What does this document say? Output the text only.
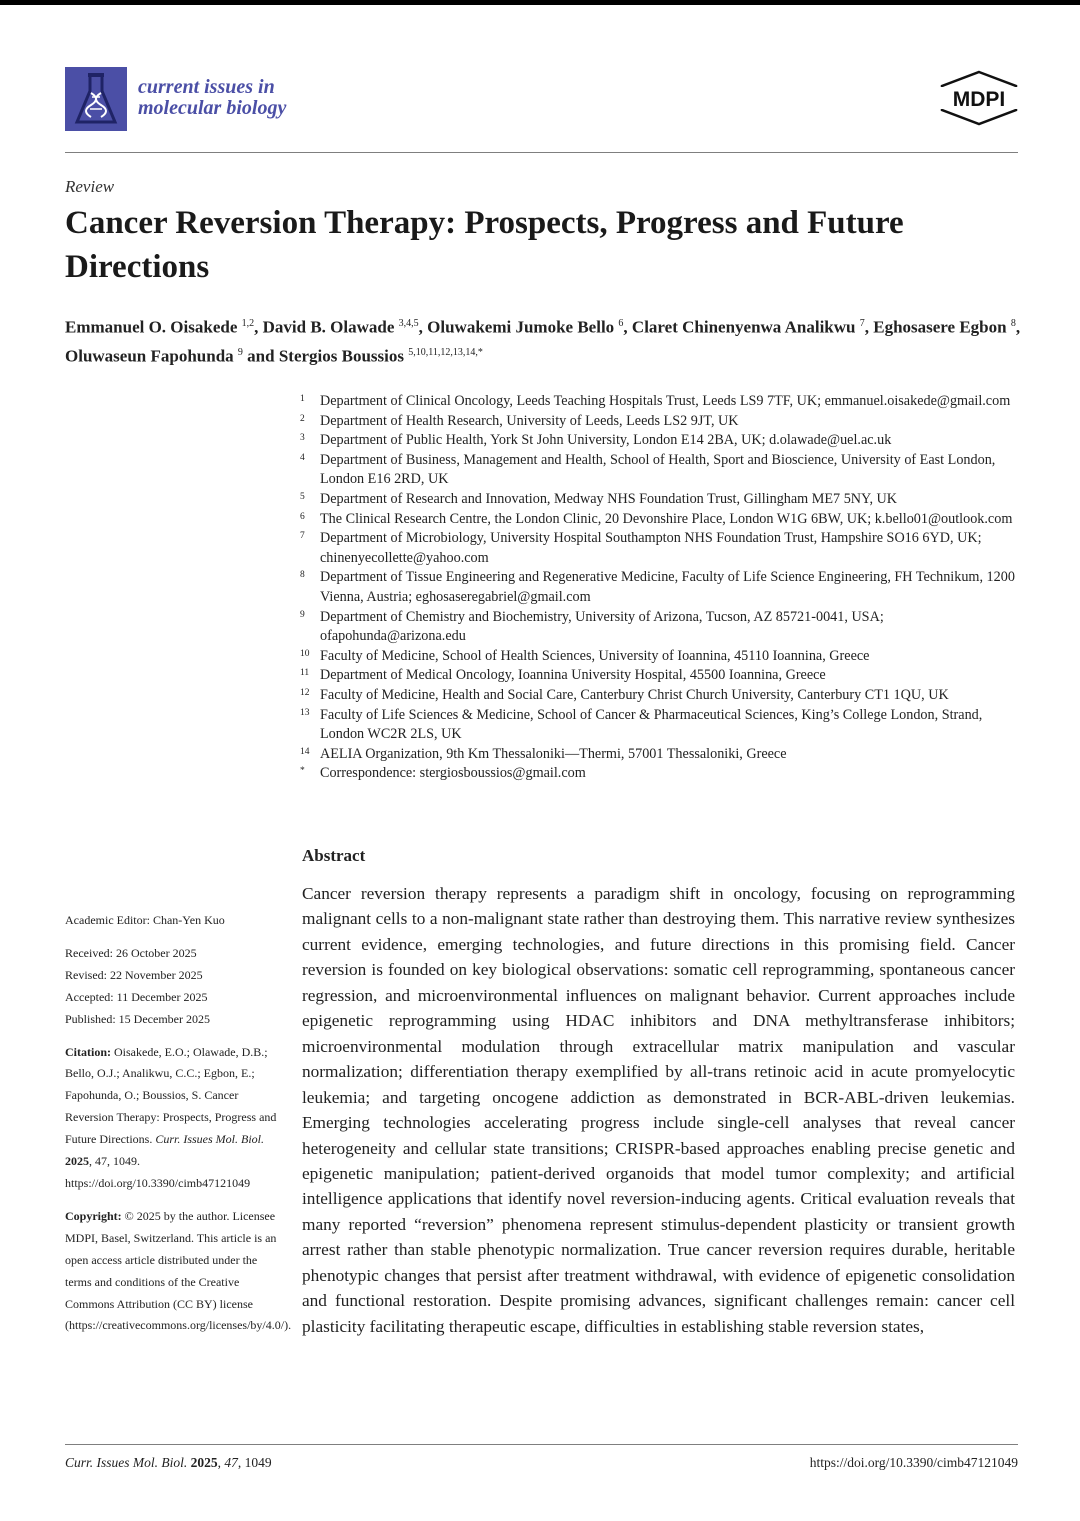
current issues in
molecular biology	MDPI
Review
Cancer Reversion Therapy: Prospects, Progress and Future Directions
Emmanuel O. Oisakede $^{1,2}$, David B. Olawade $^{3,4,5}$, Oluwakemi Jumoke Bello $^6$, Claret Chinenyenwa Analikwu $^7$, Eghosasere Egbon $^8$, Oluwaseun Fapohunda $^9$ and Stergios Boussios $^{5,10,11,12,13,14,*}$
1	Department of Clinical Oncology, Leeds Teaching Hospitals Trust, Leeds LS9 7TF, UK; emmanuel.oisakede@gmail.com
2	Department of Health Research, University of Leeds, Leeds LS2 9JT, UK
3	Department of Public Health, York St John University, London E14 2BA, UK; d.olawade@uel.ac.uk
4	Department of Business, Management and Health, School of Health, Sport and Bioscience, University of East London, London E16 2RD, UK
5	Department of Research and Innovation, Medway NHS Foundation Trust, Gillingham ME7 5NY, UK
6	The Clinical Research Centre, the London Clinic, 20 Devonshire Place, London W1G 6BW, UK; k.bello01@outlook.com
7	Department of Microbiology, University Hospital Southampton NHS Foundation Trust, Hampshire SO16 6YD, UK; chinenyecollette@yahoo.com
8	Department of Tissue Engineering and Regenerative Medicine, Faculty of Life Science Engineering, FH Technikum, 1200 Vienna, Austria; eghosaseregabriel@gmail.com
9	Department of Chemistry and Biochemistry, University of Arizona, Tucson, AZ 85721-0041, USA; ofapohunda@arizona.edu
10 Faculty of Medicine, School of Health Sciences, University of Ioannina, 45110 Ioannina, Greece
11 Department of Medical Oncology, Ioannina University Hospital, 45500 Ioannina, Greece
12 Faculty of Medicine, Health and Social Care, Canterbury Christ Church University, Canterbury CT1 1QU, UK
13 Faculty of Life Sciences & Medicine, School of Cancer & Pharmaceutical Sciences, King’s College London, Strand, London WC2R 2LS, UK
14 AELIA Organization, 9th Km Thessaloniki—Thermi, 57001 Thessaloniki, Greece
*	Correspondence: stergiosboussios@gmail.com
Abstract
Cancer reversion therapy represents a paradigm shift in oncology, focusing on reprogramming malignant cells to a non-malignant state rather than destroying them. This narrative review synthesizes current evidence, emerging technologies, and future directions in this promising field. Cancer reversion is founded on key biological observations: somatic cell reprogramming, spontaneous cancer regression, and microenvironmental influences on malignant behavior. Current approaches include epigenetic reprogramming using HDAC inhibitors and DNA methyltransferase inhibitors; microenvironmental modulation through extracellular matrix manipulation and vascular normalization; differentiation therapy exemplified by all-trans retinoic acid in acute promyelocytic leukemia; and targeting oncogene addiction as demonstrated in BCR-ABL-driven leukemias. Emerging technologies accelerating progress include single-cell analyses that reveal cancer heterogeneity and cellular state transitions; CRISPR-based approaches enabling precise genetic and epigenetic manipulation; patient-derived organoids that model tumor complexity; and artificial intelligence applications that identify novel reversion-inducing agents. Critical evaluation reveals that many reported “reversion” phenomena represent stimulus-dependent plasticity or transient growth arrest rather than stable phenotypic normalization. True cancer reversion requires durable, heritable phenotypic changes that persist after treatment withdrawal, with evidence of epigenetic consolidation and functional restoration. Despite promising advances, significant challenges remain: cancer cell plasticity facilitating therapeutic escape, difficulties in establishing stable reversion states,

Academic Editor: Chan-Yen Kuo

Received: 26 October 2025

Revised: 22 November 2025

Accepted: 11 December 2025

Published: 15 December 2025

Citation: Oisakede, E.O.; Olawade, D.B.; Bello, O.J.; Analikwu, C.C.; Egbon, E.; Fapohunda, O.; Boussios, S. Cancer Reversion Therapy: Prospects, Progress and Future Directions. Curr. Issues Mol. Biol. 2025, 47, 1049. https://doi.org/10.3390/cimb47121049

Copyright: © 2025 by the author. Licensee MDPI, Basel, Switzerland. This article is an open access article distributed under the terms and conditions of the Creative Commons Attribution (CC BY) license (https://creativecommons.org/licenses/by/4.0/).

Curr. Issues Mol. Biol. 2025, 47, 1049	https://doi.org/10.3390/cimb47121049
